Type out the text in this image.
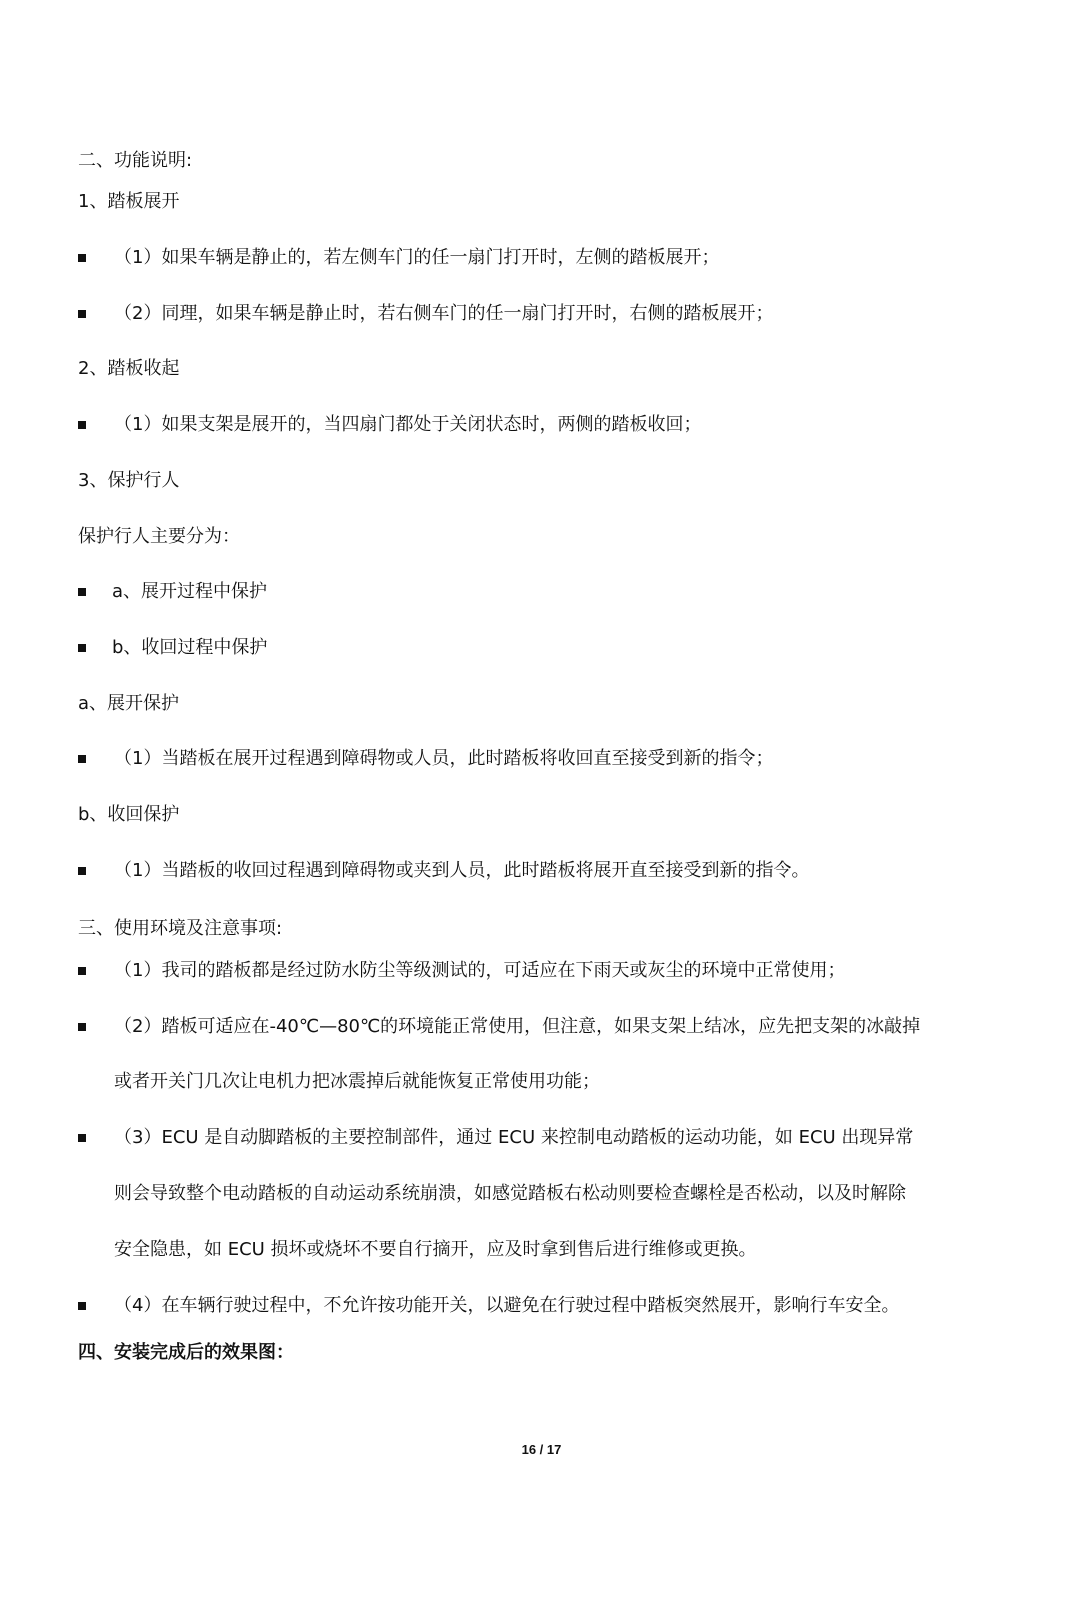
二、功能说明:
1、踏板展开
（1）如果车辆是静止的，若左侧车门的任一扇门打开时，左侧的踏板展开；
（2）同理，如果车辆是静止时，若右侧车门的任一扇门打开时，右侧的踏板展开；
2、踏板收起
（1）如果支架是展开的，当四扇门都处于关闭状态时，两侧的踏板收回；
3、保护行人
保护行人主要分为：
a、展开过程中保护
b、收回过程中保护
a、展开保护
（1）当踏板在展开过程遇到障碍物或人员，此时踏板将收回直至接受到新的指令；
b、收回保护
（1）当踏板的收回过程遇到障碍物或夹到人员，此时踏板将展开直至接受到新的指令。
三、使用环境及注意事项:
（1）我司的踏板都是经过防水防尘等级测试的，可适应在下雨天或灰尘的环境中正常使用；
（2）踏板可适应在-40℃—80℃的环境能正常使用，但注意，如果支架上结冰，应先把支架的冰敲掉
或者开关门几次让电机力把冰震掉后就能恢复正常使用功能；
（3）ECU 是自动脚踏板的主要控制部件，通过 ECU 来控制电动踏板的运动功能，如 ECU 出现异常
则会导致整个电动踏板的自动运动系统崩溃，如感觉踏板右松动则要检查螺栓是否松动，以及时解除
安全隐患，如 ECU 损坏或烧坏不要自行摘开，应及时拿到售后进行维修或更换。
（4）在车辆行驶过程中，不允许按功能开关，以避免在行驶过程中踏板突然展开，影响行车安全。
四、安装完成后的效果图：
16 / 17
